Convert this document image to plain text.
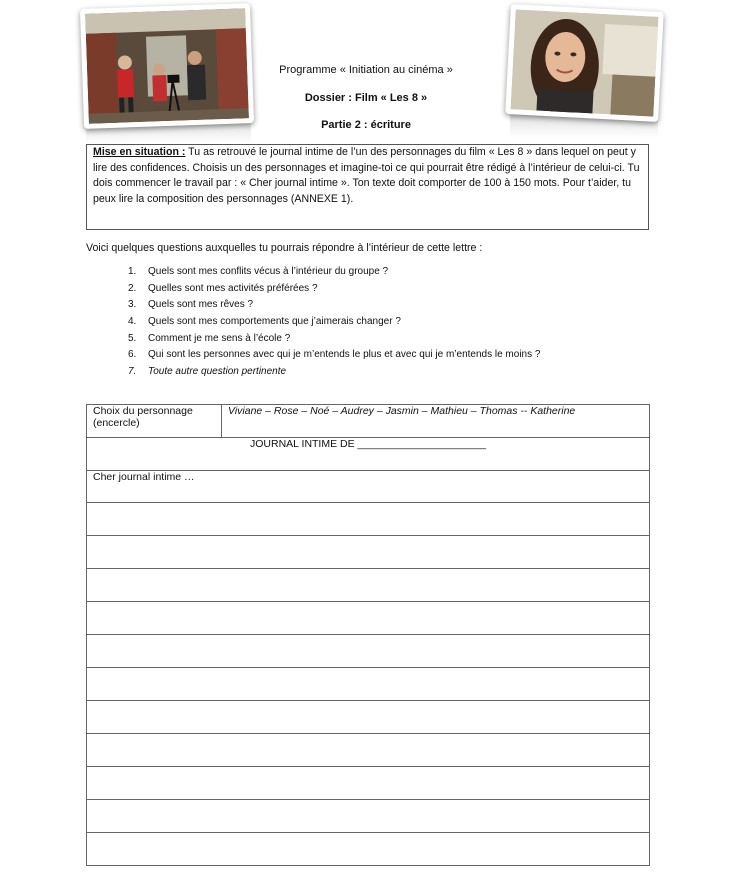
Programme « Initiation au cinéma »
Dossier : Film « Les 8 »
Partie 2 : écriture
Mise en situation : Tu as retrouvé le journal intime de l’un des personnages du film « Les 8 » dans lequel on peut y lire des confidences. Choisis un des personnages et imagine-toi ce qui pourrait être rédigé à l’intérieur de celui-ci. Tu dois commencer le travail par : « Cher journal intime ». Ton texte doit comporter de 100 à 150 mots. Pour t’aider, tu peux lire la composition des personnages (ANNEXE 1).
Voici quelques questions auxquelles tu pourrais répondre à l’intérieur de cette lettre :
1.	Quels sont mes conflits vécus à l’intérieur du groupe ?
2.	Quelles sont mes activités préférées ?
3.	Quels sont mes rêves ?
4.	Quels sont mes comportements que j’aimerais changer ?
5.	Comment je me sens à l’école ?
6.	Qui sont les personnes avec qui je m’entends le plus et avec qui je m’entends le moins ?
7.	Toute autre question pertinente
Choix du personnage
(encercle)
	Viviane – Rose – Noé – Audrey – Jasmin – Mathieu – Thomas -- Katherine
JOURNAL INTIME DE ______________________
Cher journal intime …
